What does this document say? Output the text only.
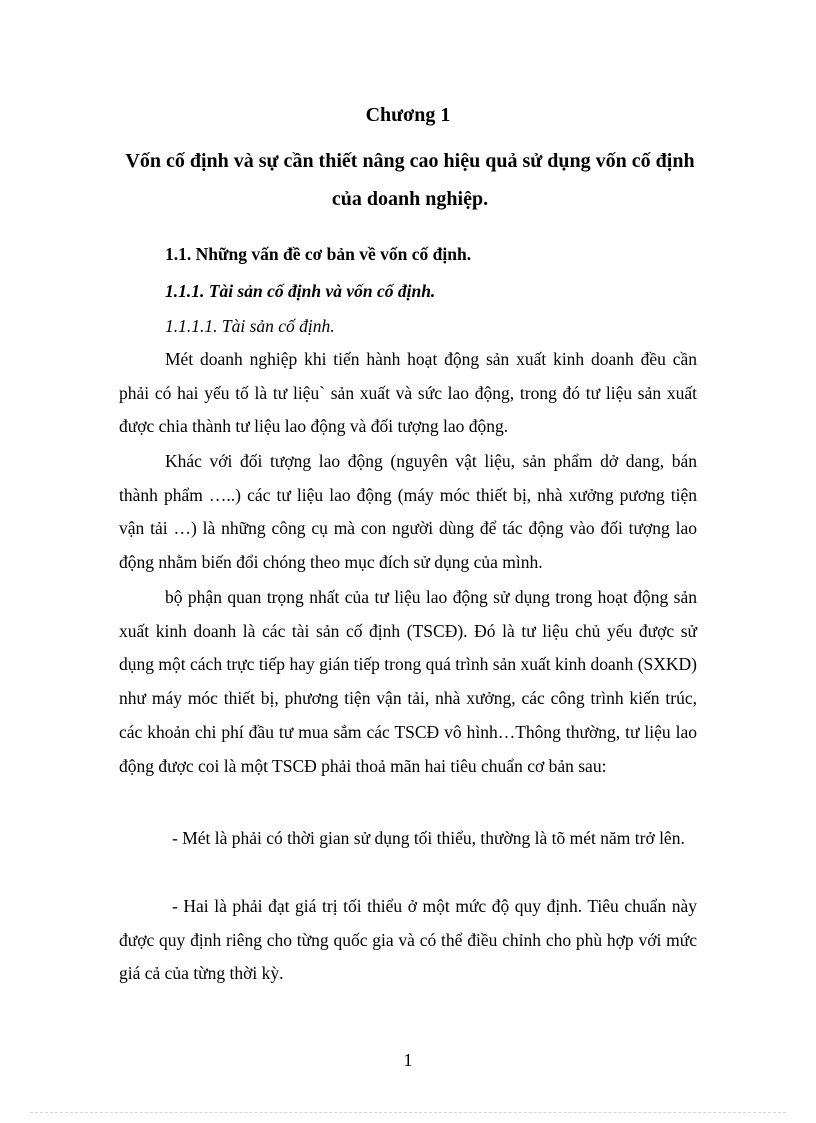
Chương 1
Vốn cố định và sự cần thiết nâng cao hiệu quả sử dụng vốn cố định của doanh nghiệp.
1.1. Những vấn đề cơ bản về vốn cố định.
1.1.1. Tài sản cố định và vốn cố định.
1.1.1.1. Tài sản cố định.

Mét doanh nghiệp khi tiến hành hoạt động sản xuất kinh doanh đều cần phải có hai yếu tố là tư liệu` sản xuất và sức lao động, trong đó tư liệu sản xuất được chia thành tư liệu lao động và đối tượng lao động.

Khác với đối tượng lao động (nguyên vật liệu, sản phẩm dở dang, bán thành phẩm …..) các tư liệu lao động (máy móc thiết bị, nhà xưởng pương tiện vận tải …) là những công cụ mà con người dùng để tác động vào đối tượng lao động nhằm biến đổi chóng theo mục đích sử dụng của mình.

bộ phận quan trọng nhất của tư liệu lao động sử dụng trong hoạt động sản xuất kinh doanh là các tài sản cố định (TSCĐ). Đó là tư liệu chủ yếu được sử dụng một cách trực tiếp hay gián tiếp trong quá trình sản xuất kinh doanh (SXKD) như máy móc thiết bị, phương tiện vận tải, nhà xưởng, các công trình kiến trúc, các khoản chi phí đầu tư mua sắm các TSCĐ vô hình…Thông thường, tư liệu lao động được coi là một TSCĐ phải thoả mãn hai tiêu chuẩn cơ bản sau:

- Mét là phải có thời gian sử dụng tối thiểu, thường là tõ mét năm trở lên.

- Hai là phải đạt giá trị tối thiểu ở một mức độ quy định. Tiêu chuẩn này được quy định riêng cho từng quốc gia và có thể điều chỉnh cho phù hợp với mức giá cả của từng thời kỳ.

1
